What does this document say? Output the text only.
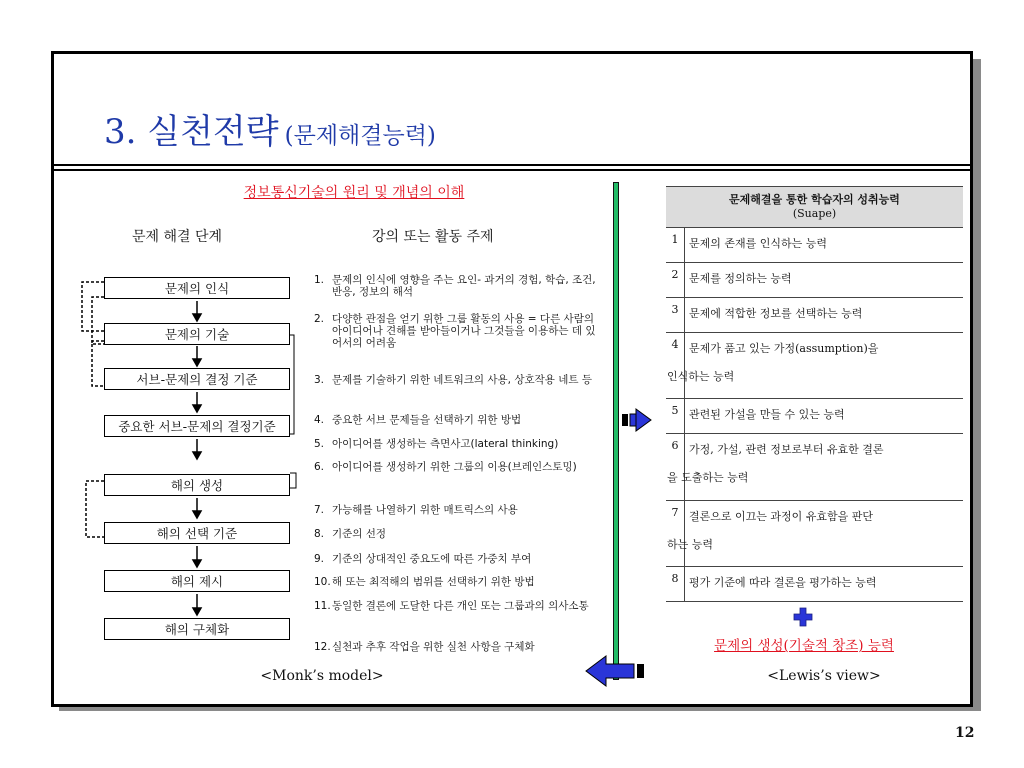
3. 실천전략 (문제해결능력)
정보통신기술의 원리 및 개념의 이해
문제 해결 단계	강의 또는 활동 주제
문제의 인식
문제의 기술
서브-문제의 결정 기준
중요한 서브-문제의 결정기준
해의 생성
해의 선택 기준
해의 제시
해의 구체화
1. 문제의 인식에 영향을 주는 요인- 과거의 경험, 학습, 조건, 반응, 정보의 해석
2. 다양한 관점을 얻기 위한 그룹 활동의 사용 = 다른 사람의 아이디어나 견해를 받아들이거나 그것들을 이용하는 데 있어서의 어려움
3. 문제를 기술하기 위한 네트워크의 사용, 상호작용 네트 등
4. 중요한 서브 문제들을 선택하기 위한 방법
5. 아이디어를 생성하는 측면사고(lateral thinking)
6. 아이디어를 생성하기 위한 그룹의 이용(브레인스토밍)
7. 가능해를 나열하기 위한 매트릭스의 사용
8. 기준의 선정
9. 기준의 상대적인 중요도에 따른 가중치 부여
10. 해 또는 최적해의 범위를 선택하기 위한 방법
11. 동일한 결론에 도달한 다른 개인 또는 그룹과의 의사소통
12. 실천과 추후 작업을 위한 실천 사항을 구체화
<Monk’s model>
문제해결을 통한 학습자의 성취능력
(Suape)	
1	문제의 존재를 인식하는 능력
2	문제를 정의하는 능력
3	문제에 적합한 정보를 선택하는 능력
4	문제가 품고 있는 가정(assumption)을
인식하는 능력

5	관련된 가설을 만들 수 있는 능력
6	가정, 가설, 관련 정보로부터 유효한 결론
을 도출하는 능력

7	결론으로 이끄는 과정이 유효함을 판단
하는 능력

8	평가 기준에 따라 결론을 평가하는 능력
문제의 생성(기술적 창조) 능력
<Lewis’s view>
12
